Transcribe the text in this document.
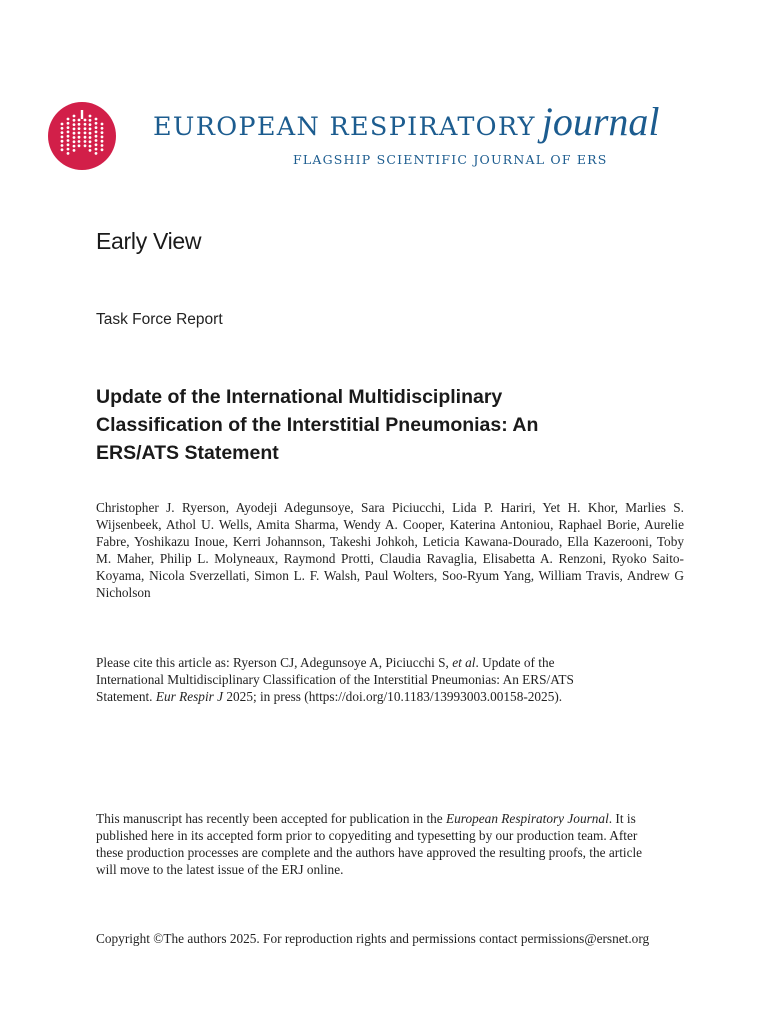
EUROPEAN RESPIRATORY journal
FLAGSHIP SCIENTIFIC JOURNAL OF ERS
Early View
Task Force Report
Update of the International Multidisciplinary
Classification of the Interstitial Pneumonias: An
ERS/ATS Statement

Christopher J. Ryerson, Ayodeji Adegunsoye, Sara Piciucchi, Lida P. Hariri, Yet H. Khor, Marlies S. Wijsenbeek, Athol U. Wells, Amita Sharma, Wendy A. Cooper, Katerina Antoniou, Raphael Borie, Aurelie Fabre, Yoshikazu Inoue, Kerri Johannson, Takeshi Johkoh, Leticia Kawana-Dourado, Ella Kazerooni, Toby M. Maher, Philip L. Molyneaux, Raymond Protti, Claudia Ravaglia, Elisabetta A. Renzoni, Ryoko Saito-Koyama, Nicola Sverzellati, Simon L. F. Walsh, Paul Wolters, Soo-Ryum Yang, William Travis, Andrew G Nicholson

Please cite this article as: Ryerson CJ, Adegunsoye A, Piciucchi S, et al. Update of the
International Multidisciplinary Classification of the Interstitial Pneumonias: An ERS/ATS
Statement. Eur Respir J 2025; in press (https://doi.org/10.1183/13993003.00158-2025).

This manuscript has recently been accepted for publication in the European Respiratory Journal. It is
published here in its accepted form prior to copyediting and typesetting by our production team. After
these production processes are complete and the authors have approved the resulting proofs, the article
will move to the latest issue of the ERJ online.

Copyright ©The authors 2025. For reproduction rights and permissions contact permissions@ersnet.org
